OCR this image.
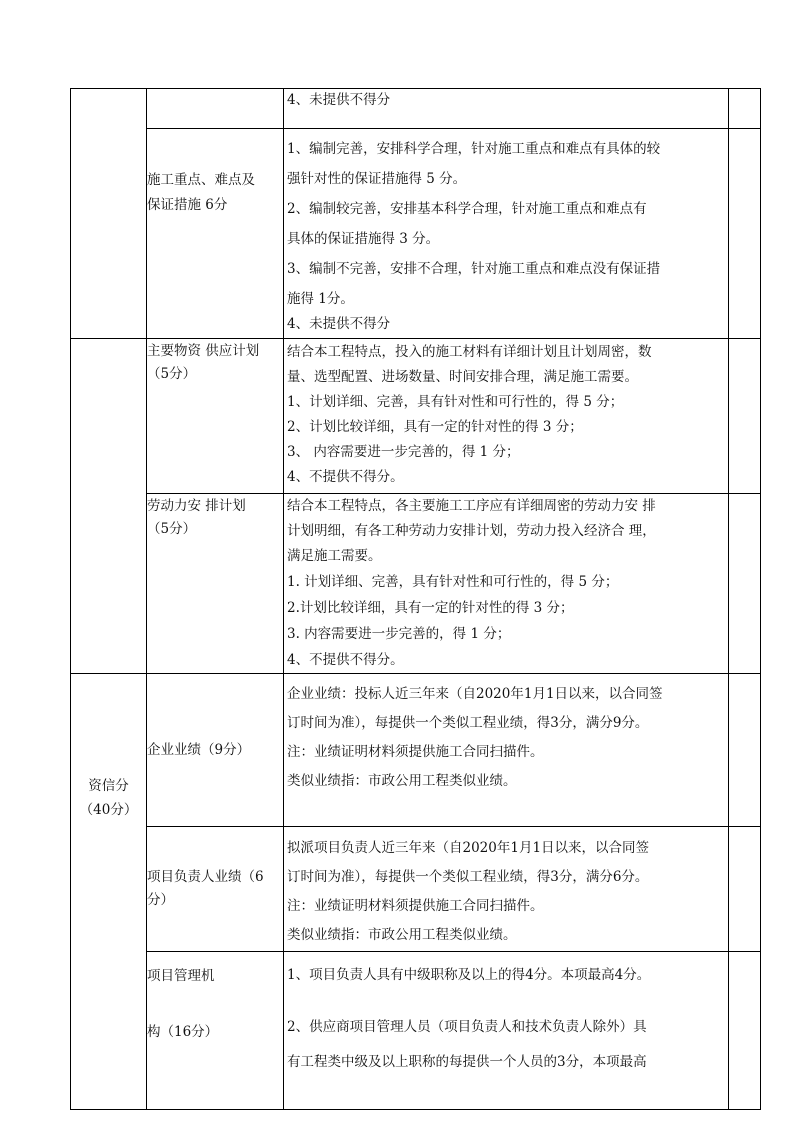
4、未提供不得分

施工重点、难点及

保证措施 6分

1、编制完善，安排科学合理，针对施工重点和难点有具体的较

强针对性的保证措施得 5 分。

2、编制较完善，安排基本科学合理，针对施工重点和难点有

具体的保证措施得 3 分。

3、编制不完善，安排不合理，针对施工重点和难点没有保证措

施得 1分。

4、未提供不得分

主要物资 供应计划

（5分）

结合本工程特点，投入的施工材料有详细计划且计划周密，数

量、选型配置、进场数量、时间安排合理，满足施工需要。

1、计划详细、完善，具有针对性和可行性的，得 5 分；

2、计划比较详细，具有一定的针对性的得 3 分；

3、 内容需要进一步完善的，得 1 分；

4、不提供不得分。

劳动力安 排计划

（5分）

结合本工程特点，各主要施工工序应有详细周密的劳动力安 排

计划明细，有各工种劳动力安排计划，劳动力投入经济合 理，

满足施工需要。

1. 计划详细、完善，具有针对性和可行性的，得 5 分；

2.计划比较详细，具有一定的针对性的得 3 分；

3. 内容需要进一步完善的，得 1 分；

4、不提供不得分。

资信分

（40分）

企业业绩（9分）

企业业绩：投标人近三年来（自2020年1月1日以来，以合同签

订时间为准），每提供一个类似工程业绩，得3分，满分9分。

注：业绩证明材料须提供施工合同扫描件。

类似业绩指：市政公用工程类似业绩。

项目负责人业绩（6

分）

拟派项目负责人近三年来（自2020年1月1日以来，以合同签

订时间为准），每提供一个类似工程业绩，得3分，满分6分。

注：业绩证明材料须提供施工合同扫描件。

类似业绩指：市政公用工程类似业绩。

项目管理机

构（16分）

1、项目负责人具有中级职称及以上的得4分。本项最高4分。

2、供应商项目管理人员（项目负责人和技术负责人除外）具

有工程类中级及以上职称的每提供一个人员的3分，本项最高
